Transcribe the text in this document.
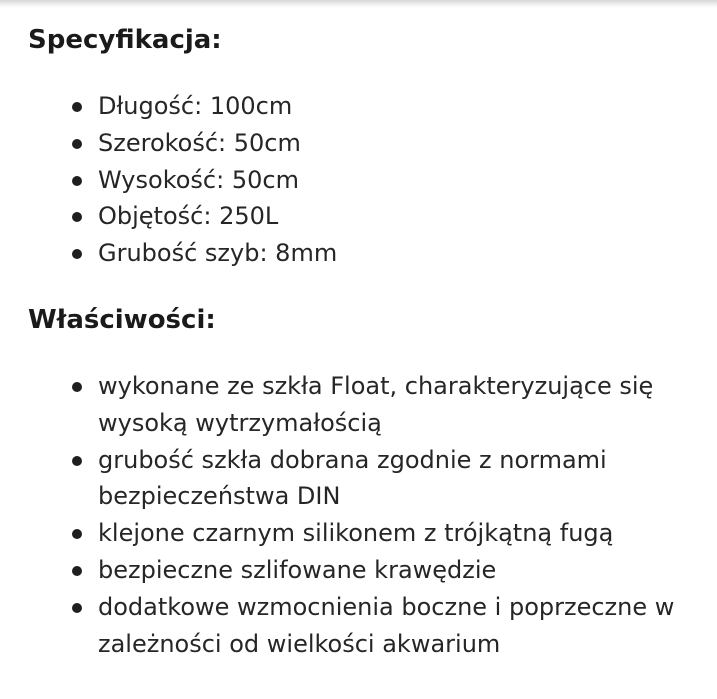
Specyfikacja:
Długość: 100cm
Szerokość: 50cm
Wysokość: 50cm
Objętość: 250L
Grubość szyb: 8mm
Właściwości:
wykonane ze szkła Float, charakteryzujące się wysoką wytrzymałością
grubość szkła dobrana zgodnie z normami bezpieczeństwa DIN
klejone czarnym silikonem z trójkątną fugą
bezpieczne szlifowane krawędzie
dodatkowe wzmocnienia boczne i poprzeczne w zależności od wielkości akwarium
